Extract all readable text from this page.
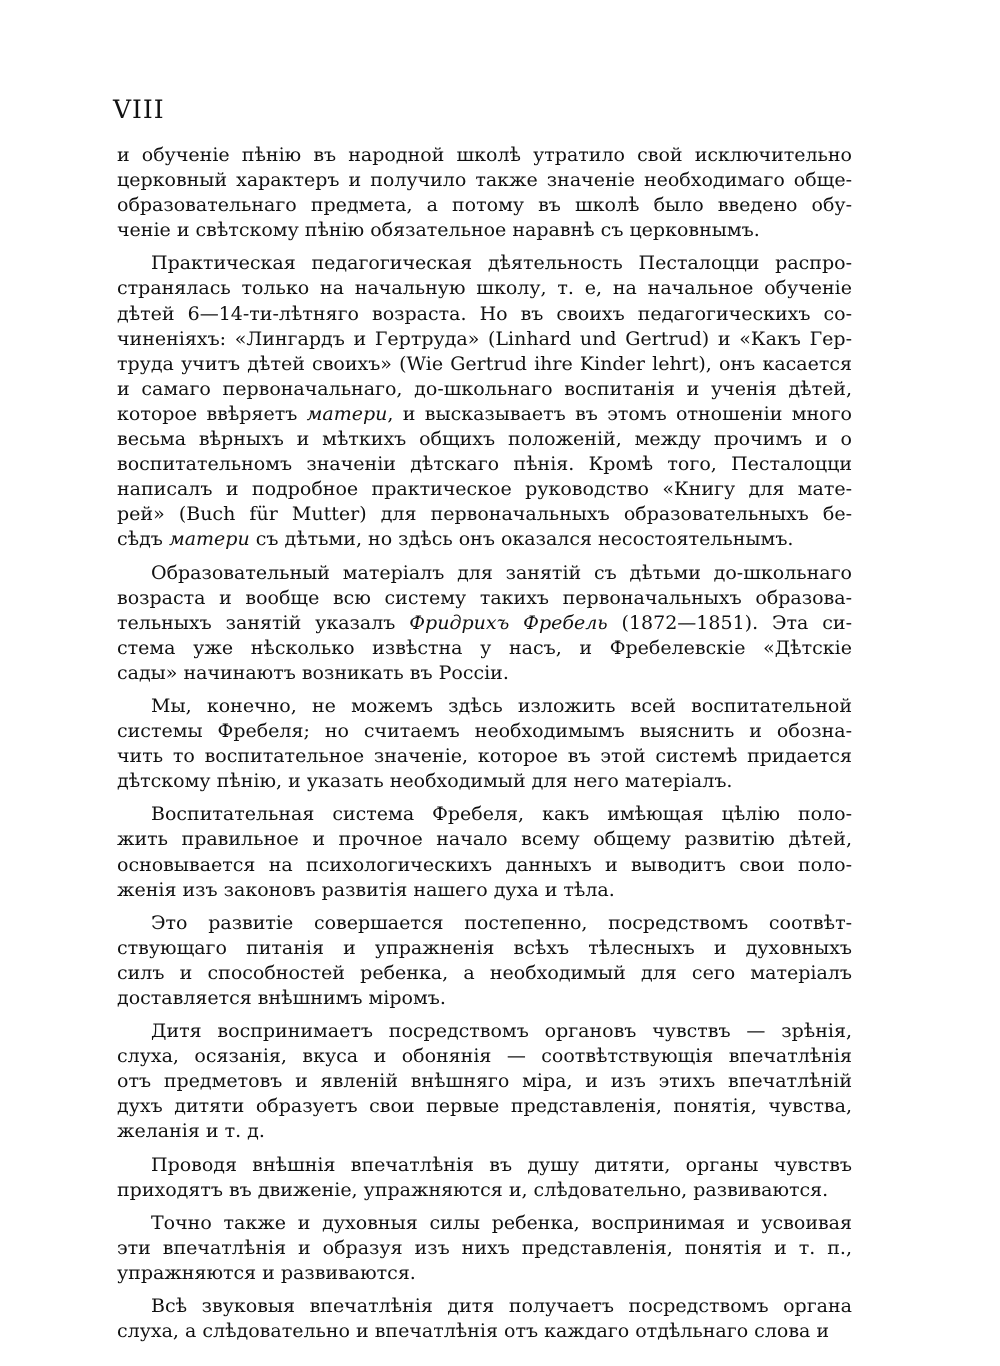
VIII
и обученіе пѣнію въ народной школѣ утратило свой исключительно
церковный характеръ и получило также значеніе необходимаго обще-
образовательнаго предмета, а потому въ школѣ было введено обу-
ченіе и свѣтскому пѣнію обязательное наравнѣ съ церковнымъ.
Практическая педагогическая дѣятельность Песталоцци распро-
странялась только на начальную школу, т. е, на начальное обученіе
дѣтей 6—14-ти-лѣтняго возраста. Но въ своихъ педагогическихъ со-
чиненіяхъ: «Лингардъ и Гертруда» (Linhard und Gertrud) и «Какъ Гер-
труда учитъ дѣтей своихъ» (Wie Gertrud ihre Kinder lehrt), онъ касается
и самаго первоначальнаго, до-школьнаго воспитанія и ученія дѣтей,
которое ввѣряетъ матери, и высказываетъ въ этомъ отношеніи много
весьма вѣрныхъ и мѣткихъ общихъ положеній, между прочимъ и о
воспитательномъ значеніи дѣтскаго пѣнія. Кромѣ того, Песталоцци
написалъ и подробное практическое руководство «Книгу для мате-
рей» (Buch für Mutter) для первоначальныхъ образовательныхъ бе-
сѣдъ матери съ дѣтьми, но здѣсь онъ оказался несостоятельнымъ.
Образовательный матеріалъ для занятій съ дѣтьми до-школьнаго
возраста и вообще всю систему такихъ первоначальныхъ образова-
тельныхъ занятій указалъ Фридрихъ Фребель (1872—1851). Эта си-
стема уже нѣсколько извѣстна у насъ, и Фребелевскіе «Дѣтскіе
сады» начинаютъ возникать въ Россіи.
Мы, конечно, не можемъ здѣсь изложить всей воспитательной
системы Фребеля; но считаемъ необходимымъ выяснить и обозна-
чить то воспитательное значеніе, которое въ этой системѣ придается
дѣтскому пѣнію, и указать необходимый для него матеріалъ.
Воспитательная система Фребеля, какъ имѣющая цѣлію поло-
жить правильное и прочное начало всему общему развитію дѣтей,
основывается на психологическихъ данныхъ и выводитъ свои поло-
женія изъ законовъ развитія нашего духа и тѣла.
Это развитіе совершается постепенно, посредствомъ соотвѣт-
ствующаго питанія и упражненія всѣхъ тѣлесныхъ и духовныхъ
силъ и способностей ребенка, а необходимый для сего матеріалъ
доставляется внѣшнимъ міромъ.
Дитя воспринимаетъ посредствомъ органовъ чувствъ — зрѣнія,
слуха, осязанія, вкуса и обонянія — соотвѣтствующія впечатлѣнія
отъ предметовъ и явленій внѣшняго міра, и изъ этихъ впечатлѣній
духъ дитяти образуетъ свои первые представленія, понятія, чувства,
желанія и т. д.
Проводя внѣшнія впечатлѣнія въ душу дитяти, органы чувствъ
приходятъ въ движеніе, упражняются и, слѣдовательно, развиваются.
Точно также и духовныя силы ребенка, воспринимая и усвоивая
эти впечатлѣнія и образуя изъ нихъ представленія, понятія и т. п.,
упражняются и развиваются.
Всѣ звуковыя впечатлѣнія дитя получаетъ посредствомъ органа
слуха, а слѣдовательно и впечатлѣнія отъ каждаго отдѣльнаго слова и
